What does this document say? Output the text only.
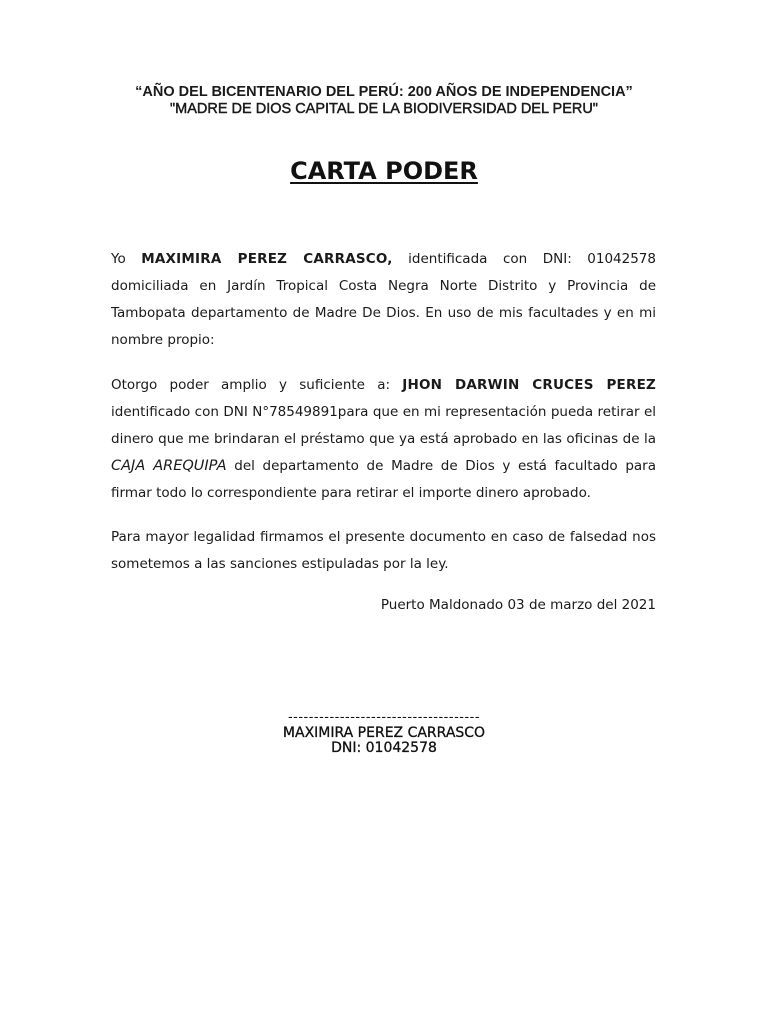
“AÑO DEL BICENTENARIO DEL PERÚ: 200 AÑOS DE INDEPENDENCIA”
"MADRE DE DIOS CAPITAL DE LA BIODIVERSIDAD DEL PERU"
CARTA PODER
Yo MAXIMIRA PEREZ CARRASCO, identificada con DNI: 01042578 domiciliada en Jardín Tropical Costa Negra Norte Distrito y Provincia de Tambopata departamento de Madre De Dios. En uso de mis facultades y en mi nombre propio:
Otorgo poder amplio y suficiente a: JHON DARWIN CRUCES PEREZ identificado con DNI N°78549891para que en mi representación pueda retirar el dinero que me brindaran el préstamo que ya está aprobado en las oficinas de la CAJA AREQUIPA del departamento de Madre de Dios y está facultado para firmar todo lo correspondiente para retirar el importe dinero aprobado.
Para mayor legalidad firmamos el presente documento en caso de falsedad nos sometemos a las sanciones estipuladas por la ley.
Puerto Maldonado 03 de marzo del 2021
-------------------------------------
MAXIMIRA PEREZ CARRASCO
DNI: 01042578
